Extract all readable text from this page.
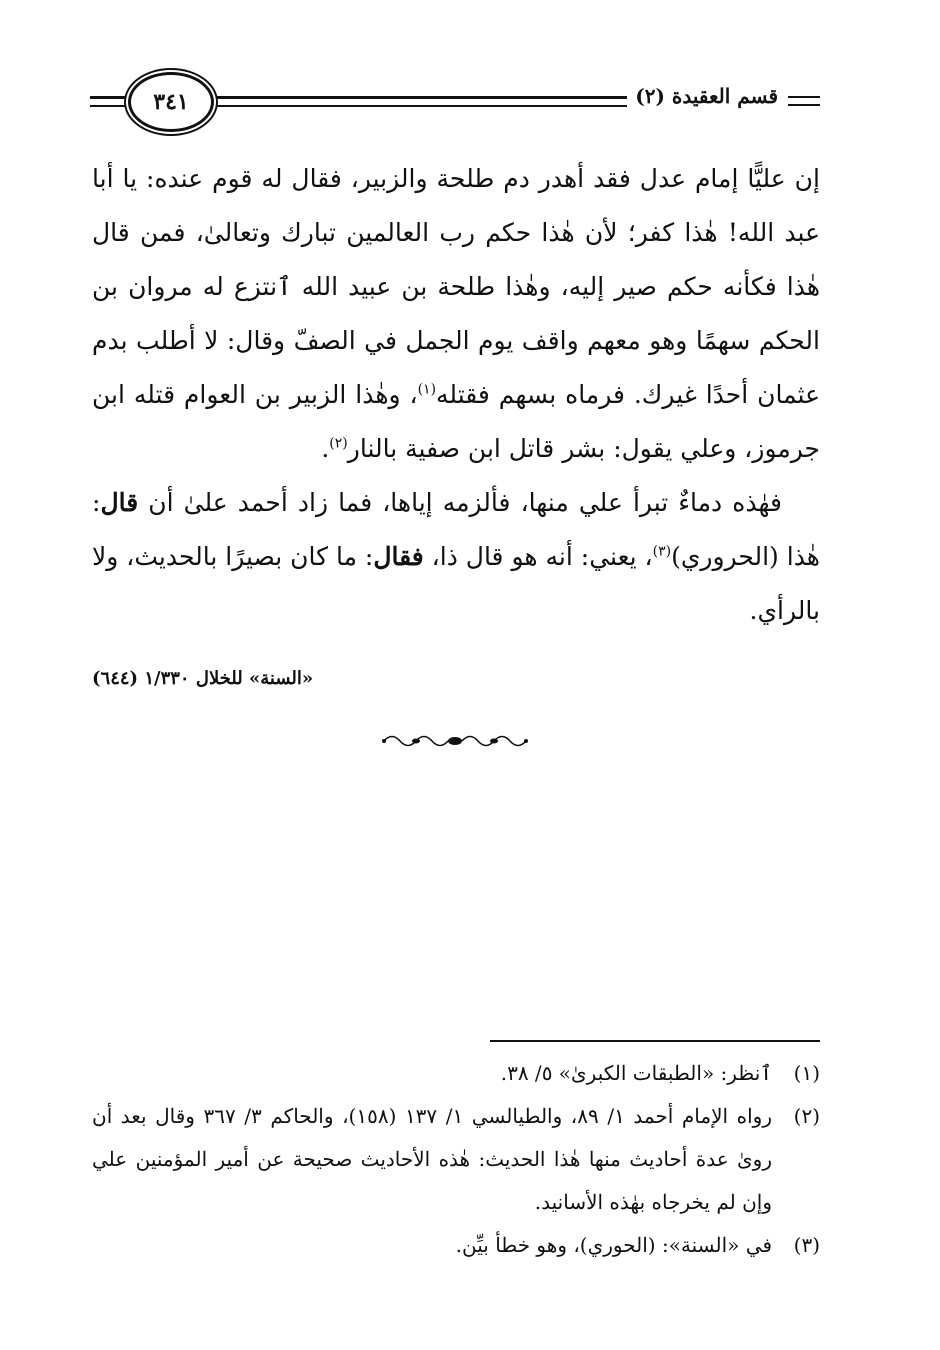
٣٤١	قسم العقيدة (٢)

إن عليًّا إمام عدل فقد أهدر دم طلحة والزبير، فقال له قوم عنده: يا أبا عبد الله! هٰذا كفر؛ لأن هٰذا حكم رب العالمين تبارك وتعالىٰ، فمن قال هٰذا فكأنه حكم صير إليه، وهٰذا طلحة بن عبيد الله ٱنتزع له مروان بن الحكم سهمًا وهو معهم واقف يوم الجمل في الصفّ وقال: لا أطلب بدم عثمان أحدًا غيرك. فرماه بسهم فقتله$^{(١)}$، وهٰذا الزبير بن العوام قتله ابن جرموز، وعلي يقول: بشر قاتل ابن صفية بالنار$^{(٢)}$.

فهٰذه دماءٌ تبرأ علي منها، فألزمه إياها، فما زاد أحمد علىٰ أن قال: هٰذا (الحروري)$^{(٣)}$، يعني: أنه هو قال ذا، فقال: ما كان بصيرًا بالحديث، ولا بالرأي.

«السنة» للخلال ١/٣٣٠ (٦٤٤)
(١)
ٱنظر: «الطبقات الكبرىٰ» ٥/ ٣٨.
(٢)
رواه الإمام أحمد ١/ ٨٩، والطيالسي ١/ ١٣٧ (١٥٨)، والحاكم ٣/ ٣٦٧ وقال بعد أن روىٰ عدة أحاديث منها هٰذا الحديث: هٰذه الأحاديث صحيحة عن أمير المؤمنين علي وإن لم يخرجاه بهٰذه الأسانيد.
(٣)
في «السنة»: (الحوري)، وهو خطأ بيِّن.
